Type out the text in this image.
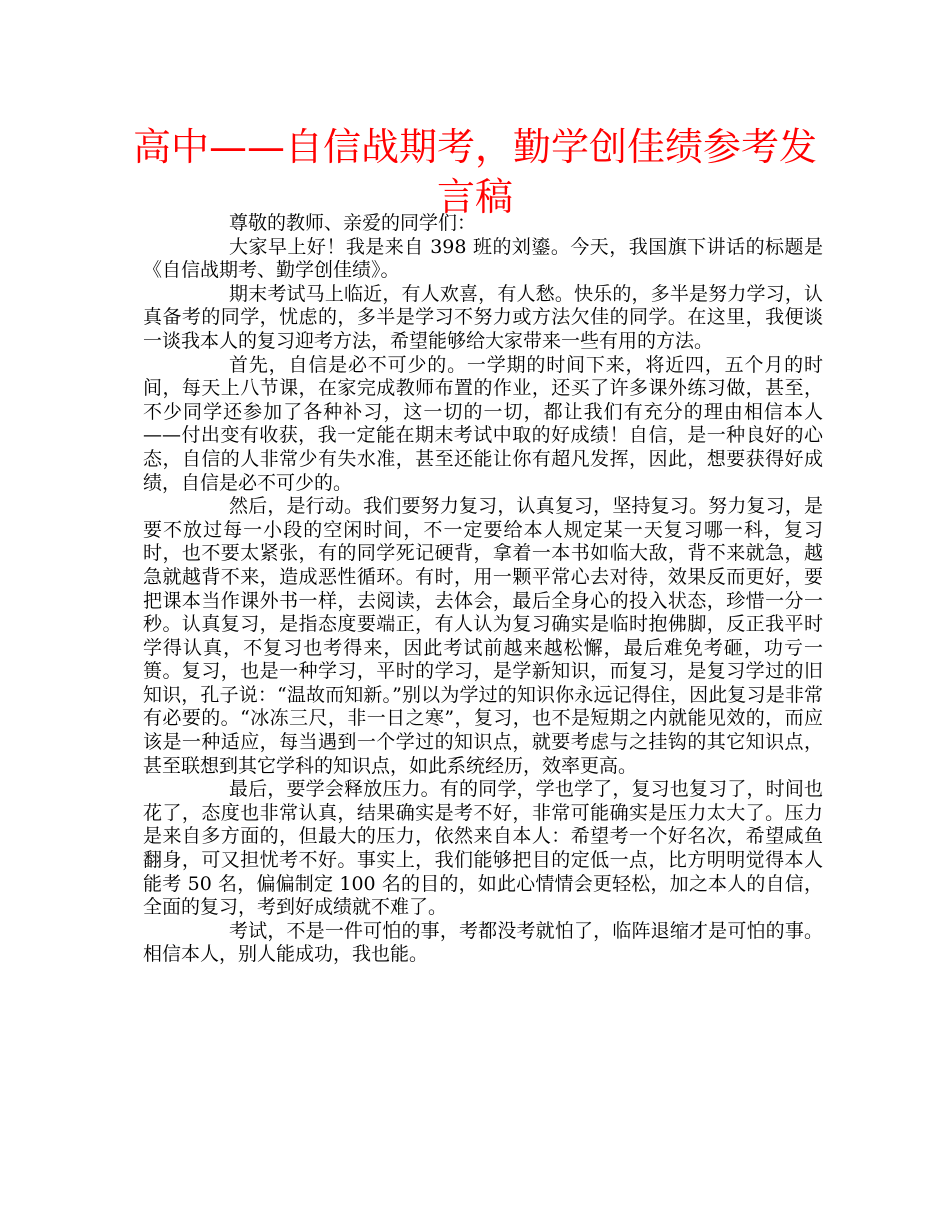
高中——自信战期考，勤学创佳绩参考发言稿

尊敬的教师、亲爱的同学们：

大家早上好！我是来自 398 班的刘鎏。今天，我国旗下讲话的标题是《自信战期考、勤学创佳绩》。

期末考试马上临近，有人欢喜，有人愁。快乐的，多半是努力学习，认真备考的同学，忧虑的，多半是学习不努力或方法欠佳的同学。在这里，我便谈一谈我本人的复习迎考方法，希望能够给大家带来一些有用的方法。

首先，自信是必不可少的。一学期的时间下来，将近四，五个月的时间，每天上八节课，在家完成教师布置的作业，还买了许多课外练习做，甚至，不少同学还参加了各种补习，这一切的一切，都让我们有充分的理由相信本人——付出变有收获，我一定能在期末考试中取的好成绩！自信，是一种良好的心态，自信的人非常少有失水准，甚至还能让你有超凡发挥，因此，想要获得好成绩，自信是必不可少的。

然后，是行动。我们要努力复习，认真复习，坚持复习。努力复习，是要不放过每一小段的空闲时间，不一定要给本人规定某一天复习哪一科，复习时，也不要太紧张，有的同学死记硬背，拿着一本书如临大敌，背不来就急，越急就越背不来，造成恶性循环。有时，用一颗平常心去对待，效果反而更好，要把课本当作课外书一样，去阅读，去体会，最后全身心的投入状态，珍惜一分一秒。认真复习，是指态度要端正，有人认为复习确实是临时抱佛脚，反正我平时学得认真，不复习也考得来，因此考试前越来越松懈，最后难免考砸，功亏一篑。复习，也是一种学习，平时的学习，是学新知识，而复习，是复习学过的旧知识，孔子说：“温故而知新。”别以为学过的知识你永远记得住，因此复习是非常有必要的。“冰冻三尺，非一日之寒”，复习，也不是短期之内就能见效的，而应该是一种适应，每当遇到一个学过的知识点，就要考虑与之挂钩的其它知识点，甚至联想到其它学科的知识点，如此系统经历，效率更高。

最后，要学会释放压力。有的同学，学也学了，复习也复习了，时间也花了，态度也非常认真，结果确实是考不好，非常可能确实是压力太大了。压力是来自多方面的，但最大的压力，依然来自本人：希望考一个好名次，希望咸鱼翻身，可又担忧考不好。事实上，我们能够把目的定低一点，比方明明觉得本人能考 50 名，偏偏制定 100 名的目的，如此心情情会更轻松，加之本人的自信，全面的复习，考到好成绩就不难了。

考试，不是一件可怕的事，考都没考就怕了，临阵退缩才是可怕的事。相信本人，别人能成功，我也能。
